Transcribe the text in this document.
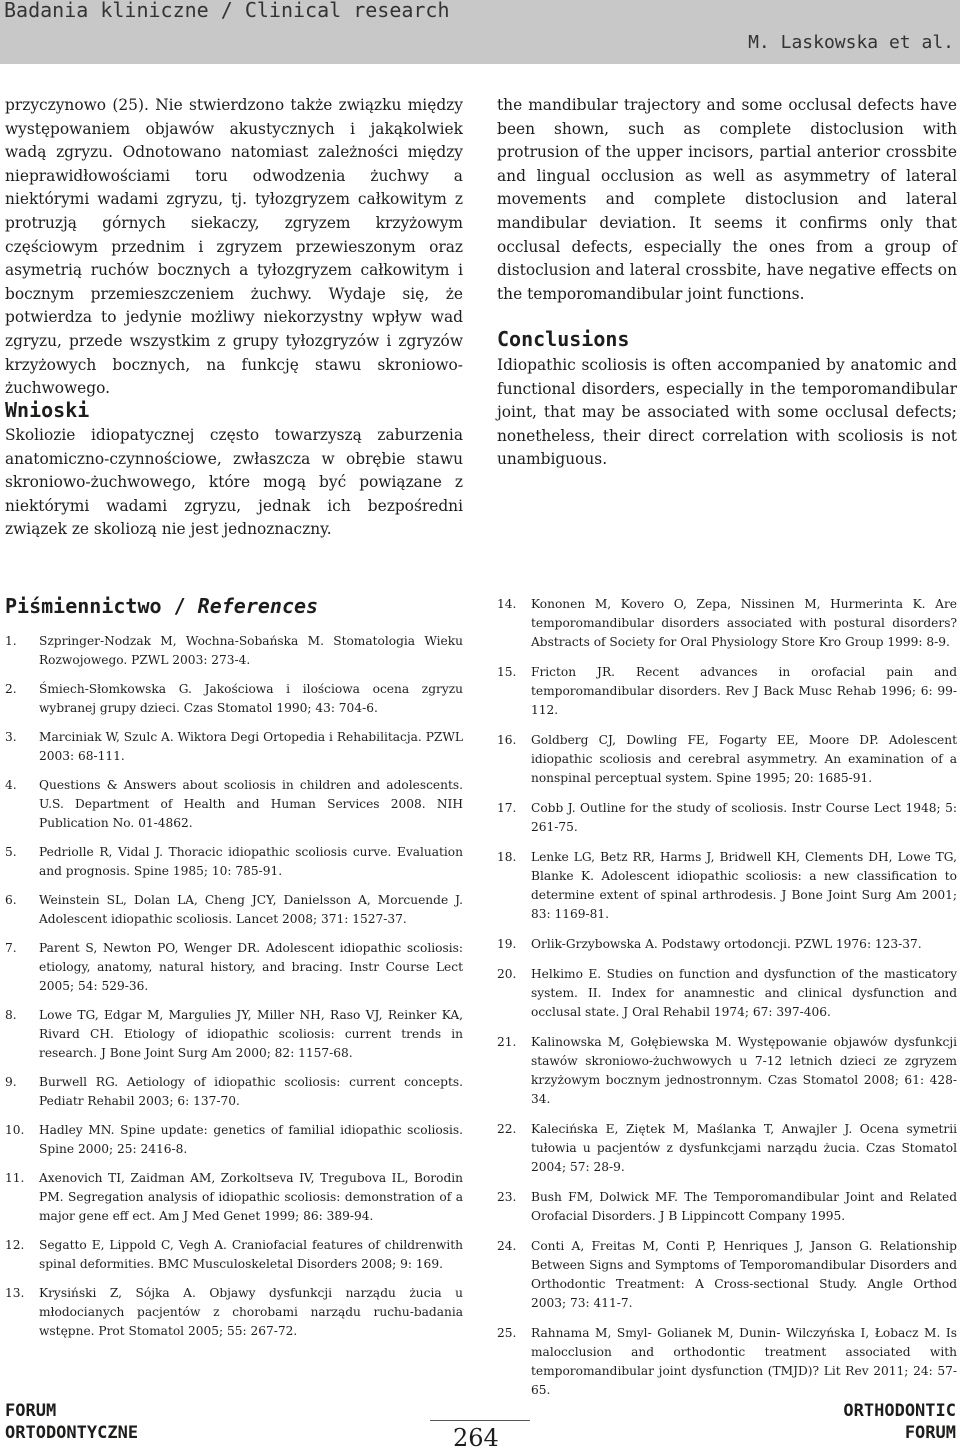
Badania kliniczne / Clinical research
M. Laskowska et al.

przyczynowo (25). Nie stwierdzono także związku między występowaniem objawów akustycznych i jakąkolwiek wadą zgryzu. Odnotowano natomiast zależności między nieprawidłowościami toru odwodzenia żuchwy a niektórymi wadami zgryzu, tj. tyłozgryzem całkowitym z protruzją górnych siekaczy, zgryzem krzyżowym częściowym przednim i zgryzem przewieszonym oraz asymetrią ruchów bocznych a tyłozgryzem całkowitym i bocznym przemieszczeniem żuchwy. Wydaje się, że potwierdza to jedynie możliwy niekorzystny wpływ wad zgryzu, przede wszystkim z grupy tyłozgryzów i zgryzów krzyżowych bocznych, na funkcję stawu skroniowo-żuchwowego.

the mandibular trajectory and some occlusal defects have been shown, such as complete distoclusion with protrusion of the upper incisors, partial anterior crossbite and lingual occlusion as well as asymmetry of lateral movements and complete distoclusion and lateral mandibular deviation. It seems it confirms only that occlusal defects, especially the ones from a group of distoclusion and lateral crossbite, have negative effects on the temporomandibular joint functions.

Wnioski

Skoliozie idiopatycznej często towarzyszą zaburzenia anatomiczno-czynnościowe, zwłaszcza w obrębie stawu skroniowo-żuchwowego, które mogą być powiązane z niektórymi wadami zgryzu, jednak ich bezpośredni związek ze skoliozą nie jest jednoznaczny.

Conclusions

Idiopathic scoliosis is often accompanied by anatomic and functional disorders, especially in the temporomandibular joint, that may be associated with some occlusal defects; nonetheless, their direct correlation with scoliosis is not unambiguous.

Piśmiennictwo / References
1. Szpringer-Nodzak M, Wochna-Sobańska M. Stomatologia Wieku Rozwojowego. PZWL 2003: 273-4.
2. Śmiech-Słomkowska G. Jakościowa i ilościowa ocena zgryzu wybranej grupy dzieci. Czas Stomatol 1990; 43: 704-6.
3. Marciniak W, Szulc A. Wiktora Degi Ortopedia i Rehabilitacja. PZWL 2003: 68-111.
4. Questions & Answers about scoliosis in children and adolescents. U.S. Department of Health and Human Services 2008. NIH Publication No. 01-4862.
5. Pedriolle R, Vidal J. Thoracic idiopathic scoliosis curve. Evaluation and prognosis. Spine 1985; 10: 785-91.
6. Weinstein SL, Dolan LA, Cheng JCY, Danielsson A, Morcuende J. Adolescent idiopathic scoliosis. Lancet 2008; 371: 1527-37.
7. Parent S, Newton PO, Wenger DR. Adolescent idiopathic scoliosis: etiology, anatomy, natural history, and bracing. Instr Course Lect 2005; 54: 529-36.
8. Lowe TG, Edgar M, Margulies JY, Miller NH, Raso VJ, Reinker KA, Rivard CH. Etiology of idiopathic scoliosis: current trends in research. J Bone Joint Surg Am 2000; 82: 1157-68.
9. Burwell RG. Aetiology of idiopathic scoliosis: current concepts. Pediatr Rehabil 2003; 6: 137-70.
10. Hadley MN. Spine update: genetics of familial idiopathic scoliosis. Spine 2000; 25: 2416-8.
11. Axenovich TI, Zaidman AM, Zorkoltseva IV, Tregubova IL, Borodin PM. Segregation analysis of idiopathic scoliosis: demonstration of a major gene eff ect. Am J Med Genet 1999; 86: 389-94.
12. Segatto E, Lippold C, Vegh A. Craniofacial features of childrenwith spinal deformities. BMC Musculoskeletal Disorders 2008; 9: 169.
13. Krysiński Z, Sójka A. Objawy dysfunkcji narządu żucia u młodocianych pacjentów z chorobami narządu ruchu-badania wstępne. Prot Stomatol 2005; 55: 267-72.
14. Kononen M, Kovero O, Zepa, Nissinen M, Hurmerinta K. Are temporomandibular disorders associated with postural disorders? Abstracts of Society for Oral Physiology Store Kro Group 1999: 8-9.
15. Fricton JR. Recent advances in orofacial pain and temporomandibular disorders. Rev J Back Musc Rehab 1996; 6: 99-112.
16. Goldberg CJ, Dowling FE, Fogarty EE, Moore DP. Adolescent idiopathic scoliosis and cerebral asymmetry. An examination of a nonspinal perceptual system. Spine 1995; 20: 1685-91.
17. Cobb J. Outline for the study of scoliosis. Instr Course Lect 1948; 5: 261-75.
18. Lenke LG, Betz RR, Harms J, Bridwell KH, Clements DH, Lowe TG, Blanke K. Adolescent idiopathic scoliosis: a new classification to determine extent of spinal arthrodesis. J Bone Joint Surg Am 2001; 83: 1169-81.
19. Orlik-Grzybowska A. Podstawy ortodoncji. PZWL 1976: 123-37.
20. Helkimo E. Studies on function and dysfunction of the masticatory system. II. Index for anamnestic and clinical dysfunction and occlusal state. J Oral Rehabil 1974; 67: 397-406.
21. Kalinowska M, Gołębiewska M. Występowanie objawów dysfunkcji stawów skroniowo-żuchwowych u 7-12 letnich dzieci ze zgryzem krzyżowym bocznym jednostronnym. Czas Stomatol 2008; 61: 428-34.
22. Kalecińska E, Ziętek M, Maślanka T, Anwajler J. Ocena symetrii tułowia u pacjentów z dysfunkcjami narządu żucia. Czas Stomatol 2004; 57: 28-9.
23. Bush FM, Dolwick MF. The Temporomandibular Joint and Related Orofacial Disorders. J B Lippincott Company 1995.
24. Conti A, Freitas M, Conti P, Henriques J, Janson G. Relationship Between Signs and Symptoms of Temporomandibular Disorders and Orthodontic Treatment: A Cross-sectional Study. Angle Orthod 2003; 73: 411-7.
25. Rahnama M, Smyl- Golianek M, Dunin- Wilczyńska I, Łobacz M. Is malocclusion and orthodontic treatment associated with temporomandibular joint dysfunction (TMJD)? Lit Rev 2011; 24: 57-65.
FORUM
ORTODONTYCZNE	264
ORTHODONTIC
FORUM
